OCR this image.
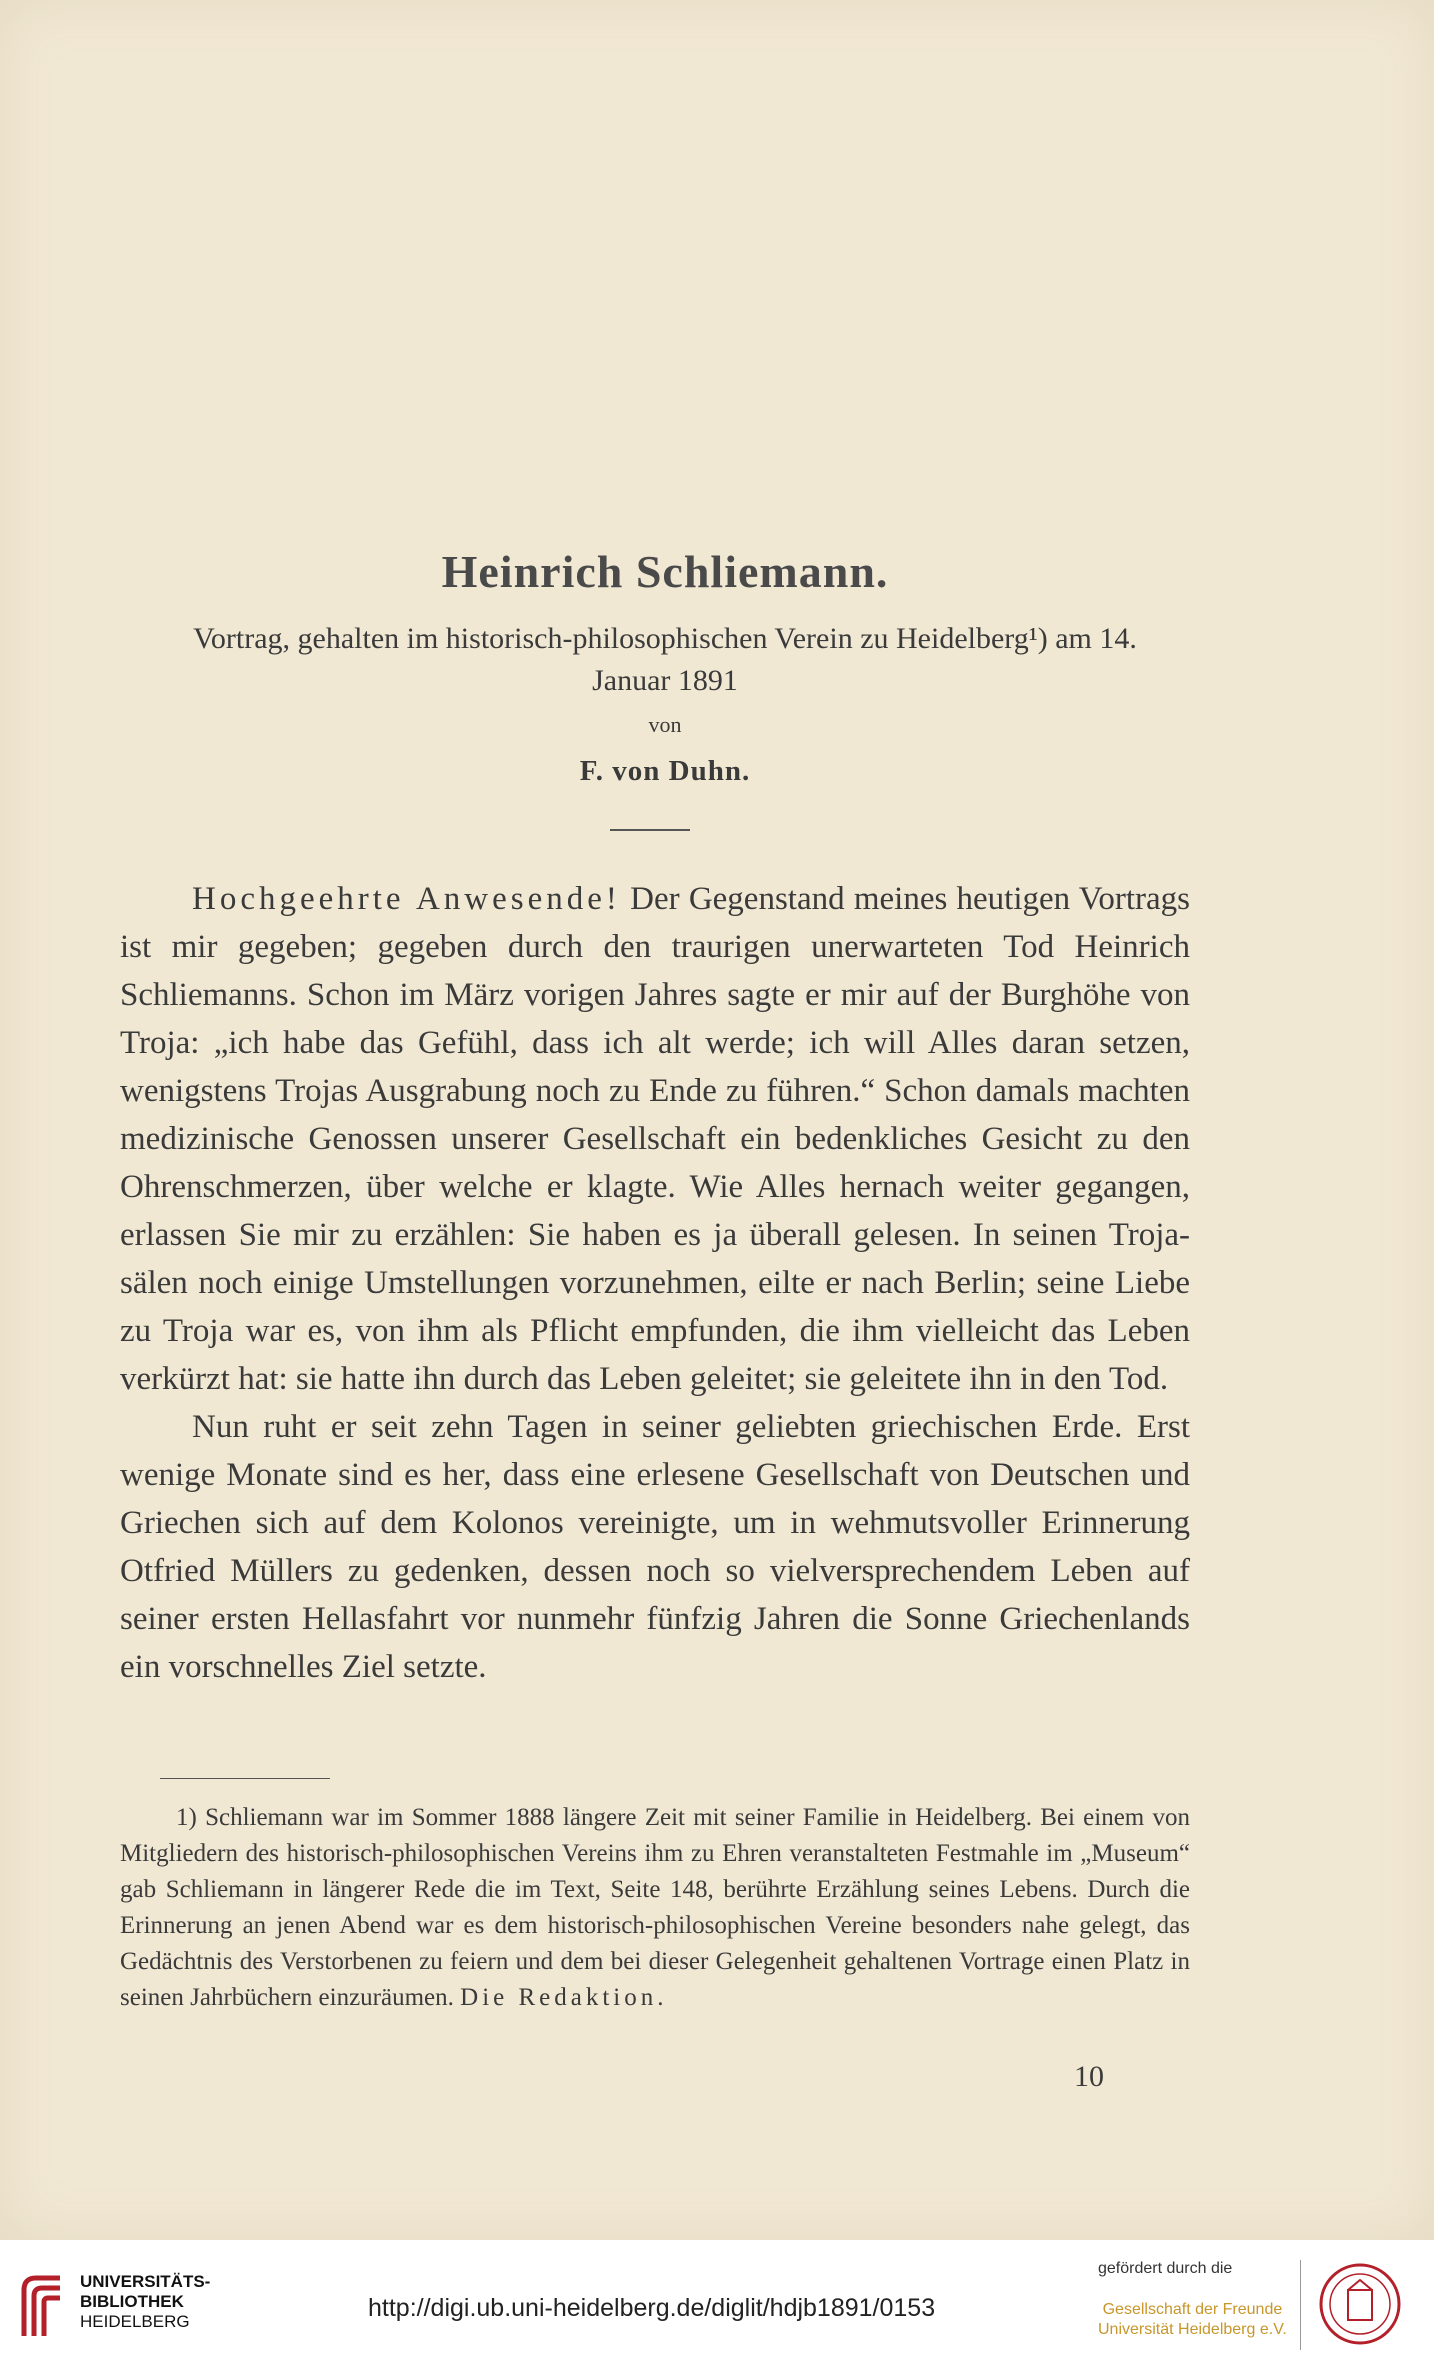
Heinrich Schliemann.
Vortrag, gehalten im historisch-philosophischen Verein zu Heidelberg¹) am 14. Januar 1891
von
F. von Duhn.

Hochgeehrte Anwesende! Der Gegenstand meines heutigen Vortrags ist mir gegeben; gegeben durch den traurigen unerwarteten Tod Heinrich Schliemanns. Schon im März vorigen Jahres sagte er mir auf der Burghöhe von Troja: „ich habe das Gefühl, dass ich alt werde; ich will Alles daran setzen, wenigstens Trojas Ausgrabung noch zu Ende zu führen.“ Schon damals machten medizinische Genossen unserer Gesellschaft ein bedenkliches Gesicht zu den Ohrenschmerzen, über welche er klagte. Wie Alles hernach weiter gegangen, erlassen Sie mir zu erzählen: Sie haben es ja überall gelesen. In seinen Troja-sälen noch einige Umstellungen vorzunehmen, eilte er nach Berlin; seine Liebe zu Troja war es, von ihm als Pflicht empfunden, die ihm vielleicht das Leben verkürzt hat: sie hatte ihn durch das Leben geleitet; sie geleitete ihn in den Tod.

Nun ruht er seit zehn Tagen in seiner geliebten griechischen Erde. Erst wenige Monate sind es her, dass eine erlesene Gesellschaft von Deutschen und Griechen sich auf dem Kolonos vereinigte, um in wehmutsvoller Erinnerung Otfried Müllers zu gedenken, dessen noch so vielversprechendem Leben auf seiner ersten Hellasfahrt vor nunmehr fünfzig Jahren die Sonne Griechenlands ein vorschnelles Ziel setzte.

1) Schliemann war im Sommer 1888 längere Zeit mit seiner Familie in Heidelberg. Bei einem von Mitgliedern des historisch-philosophischen Vereins ihm zu Ehren veranstalteten Festmahle im „Museum“ gab Schliemann in längerer Rede die im Text, Seite 148, berührte Erzählung seines Lebens. Durch die Erinnerung an jenen Abend war es dem historisch-philosophischen Vereine besonders nahe gelegt, das Gedächtnis des Verstorbenen zu feiern und dem bei dieser Gelegenheit gehaltenen Vortrage einen Platz in seinen Jahrbüchern einzuräumen. Die Redaktion.

10
UNIVERSITÄTS-
BIBLIOTHEK
HEIDELBERG	http://digi.ub.uni-heidelberg.de/diglit/hdjb1891/0153
gefördert durch die
Gesellschaft der Freunde
Universität Heidelberg e.V.
